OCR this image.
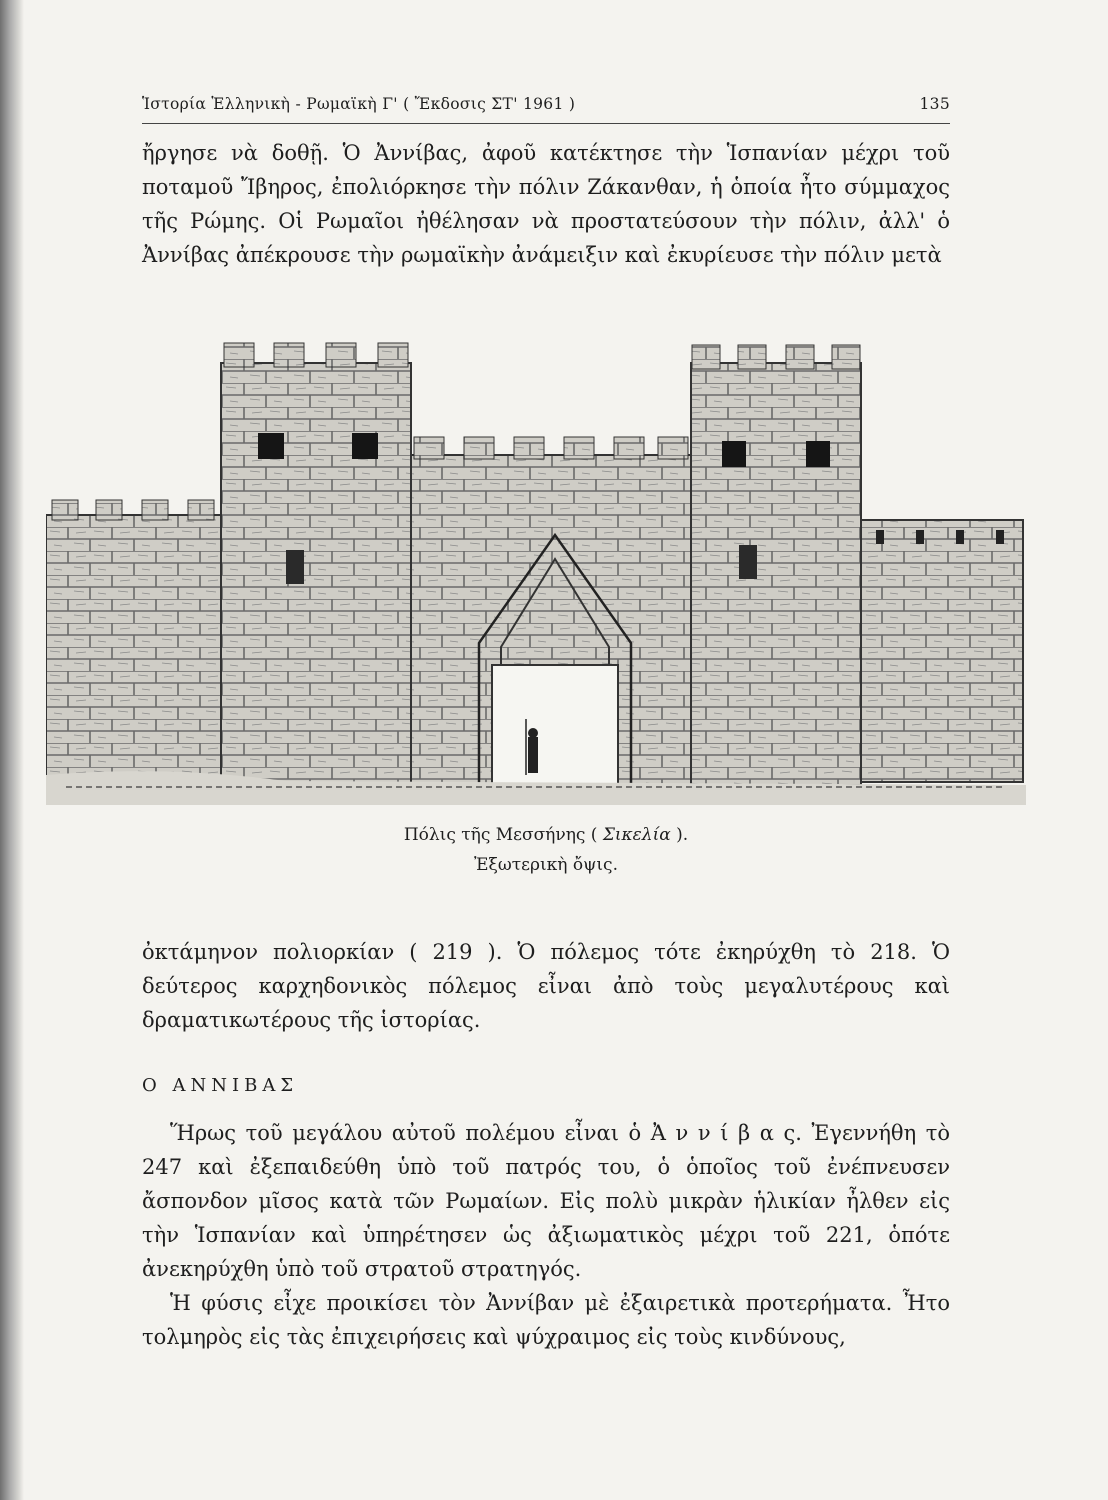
Ἱστορία Ἑλληνικὴ - Ρωμαϊκὴ Γ' ( Ἔκδοσις ΣΤ' 1961 )	135

ἤργησε νὰ δοθῇ. Ὁ Ἀννίβας, ἀφοῦ κατέκτησε τὴν Ἱσπανίαν μέχρι τοῦ ποταμοῦ Ἴβηρος, ἐπολιόρκησε τὴν πόλιν Ζάκανθαν, ἡ ὁποία ἦτο σύμμαχος τῆς Ρώμης. Οἱ Ρωμαῖοι ἠθέλησαν νὰ προστατεύσουν τὴν πόλιν, ἀλλ' ὁ Ἀννίβας ἀπέκρουσε τὴν ρωμαϊκὴν ἀνάμειξιν καὶ ἐκυρίευσε τὴν πόλιν μετὰ

Πόλις τῆς Μεσσήνης ( Σικελία ).
Ἐξωτερικὴ ὄψις.

ὀκτάμηνον πολιορκίαν ( 219 ). Ὁ πόλεμος τότε ἐκηρύχθη τὸ 218. Ὁ δεύτερος καρχηδονικὸς πόλεμος εἶναι ἀπὸ τοὺς μεγαλυτέρους καὶ δραματικωτέρους τῆς ἱστορίας.

Ο ΑΝΝΙΒΑΣ

Ἥρως τοῦ μεγάλου αὐτοῦ πολέμου εἶναι ὁ Ἀ ν ν ί β α ς. Ἐγεννήθη τὸ 247 καὶ ἐξεπαιδεύθη ὑπὸ τοῦ πατρός του, ὁ ὁποῖος τοῦ ἐνέπνευσεν ἄσπονδον μῖσος κατὰ τῶν Ρωμαίων. Εἰς πολὺ μικρὰν ἡλικίαν ἦλθεν εἰς τὴν Ἱσπανίαν καὶ ὑπηρέτησεν ὡς ἀξιωματικὸς μέχρι τοῦ 221, ὁπότε ἀνεκηρύχθη ὑπὸ τοῦ στρατοῦ στρατηγός.

Ἡ φύσις εἶχε προικίσει τὸν Ἀννίβαν μὲ ἐξαιρετικὰ προτερήματα. Ἦτο τολμηρὸς εἰς τὰς ἐπιχειρήσεις καὶ ψύχραιμος εἰς τοὺς κινδύνους,
